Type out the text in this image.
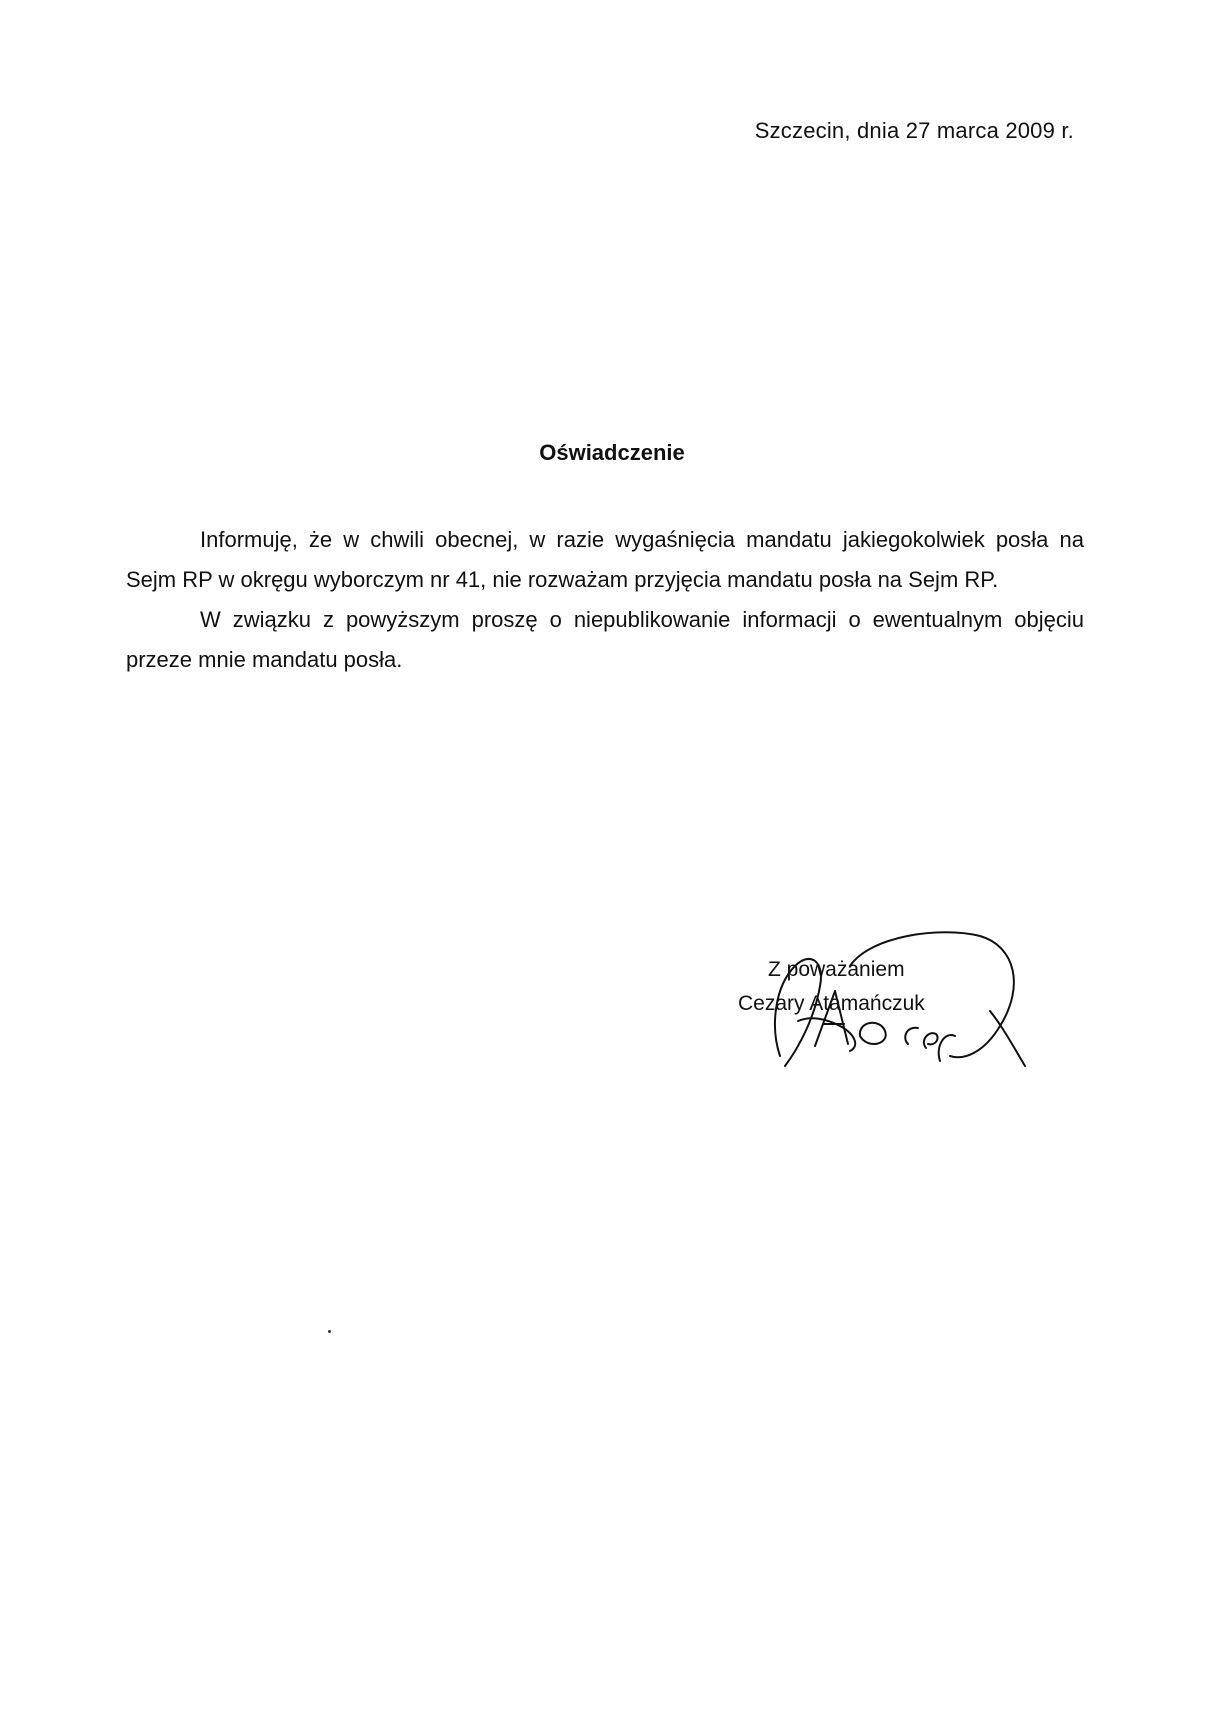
Szczecin, dnia 27 marca 2009 r.
Oświadczenie

Informuję, że w chwili obecnej, w razie wygaśnięcia mandatu jakiegokolwiek posła na Sejm RP w okręgu wyborczym nr 41, nie rozważam przyjęcia mandatu posła na Sejm RP.

W związku z powyższym proszę o niepublikowanie informacji o ewentualnym objęciu przeze mnie mandatu posła.

Z poważaniem
Cezary Atamańczuk
